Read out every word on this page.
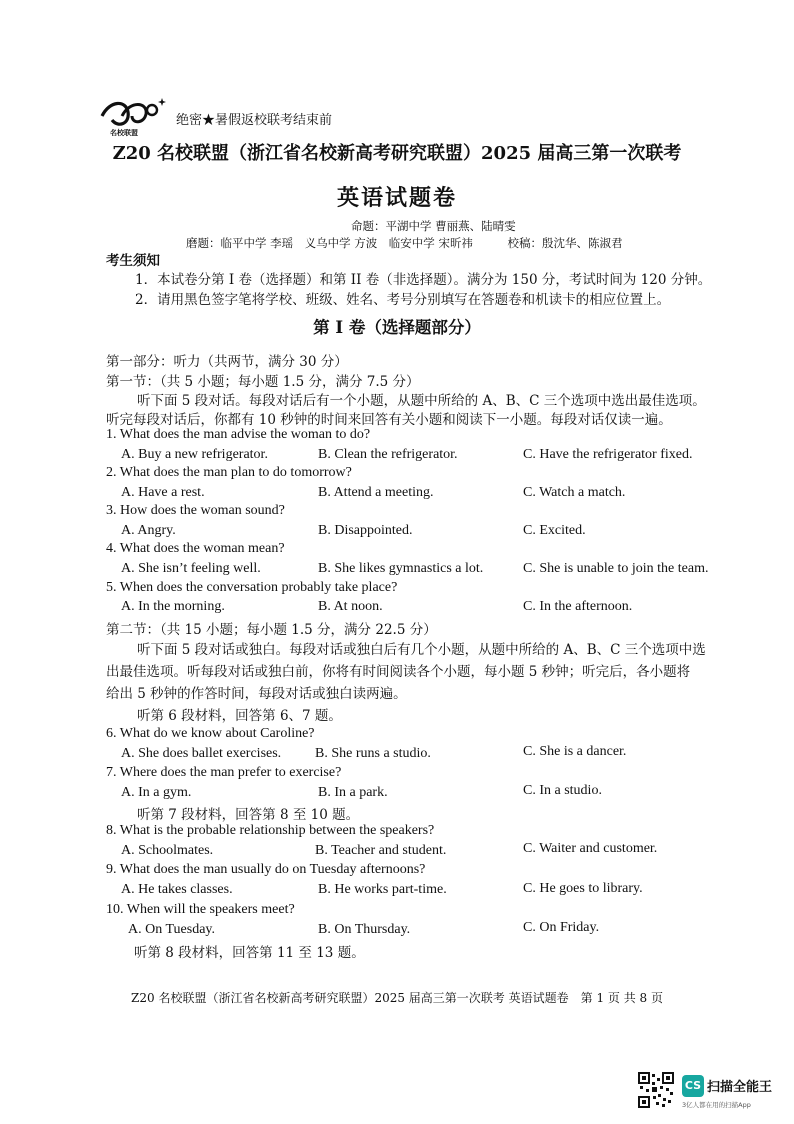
名校联盟
绝密★暑假返校联考结束前
Z20 名校联盟（浙江省名校新高考研究联盟）2025 届高三第一次联考
英语试题卷
命题：平湖中学 曹丽燕、陆晴雯
磨题：临平中学 李瑶　义乌中学 方波　临安中学 宋昕祎　　　校稿：殷沈华、陈淑君
考生须知
1．本试卷分第 I 卷（选择题）和第 II 卷（非选择题）。满分为 150 分，考试时间为 120 分钟。
2．请用黑色签字笔将学校、班级、姓名、考号分别填写在答题卷和机读卡的相应位置上。
第 I 卷（选择题部分）
第一部分：听力（共两节，满分 30 分）
第一节：（共 5 小题；每小题 1.5 分，满分 7.5 分）
听下面 5 段对话。每段对话后有一个小题，从题中所给的 A、B、C 三个选项中选出最佳选项。
听完每段对话后，你都有 10 秒钟的时间来回答有关小题和阅读下一小题。每段对话仅读一遍。
1. What does the man advise the woman to do?
A. Buy a new refrigerator.	B. Clean the refrigerator.	C. Have the refrigerator fixed.
2. What does the man plan to do tomorrow?
A. Have a rest.	B. Attend a meeting.	C. Watch a match.
3. How does the woman sound?
A. Angry.	B. Disappointed.	C. Excited.
4. What does the woman mean?
A. She isn’t feeling well.	B. She likes gymnastics a lot.	C. She is unable to join the team.
5. When does the conversation probably take place?
A. In the morning.	B. At noon.	C. In the afternoon.
第二节：（共 15 小题；每小题 1.5 分，满分 22.5 分）
听下面 5 段对话或独白。每段对话或独白后有几个小题，从题中所给的 A、B、C 三个选项中选
出最佳选项。听每段对话或独白前，你将有时间阅读各个小题，每小题 5 秒钟；听完后，各小题将
给出 5 秒钟的作答时间，每段对话或独白读两遍。
听第 6 段材料，回答第 6、7 题。
6. What do we know about Caroline?
A. She does ballet exercises. B. She runs a studio.	C. She is a dancer.
7. Where does the man prefer to exercise?
A. In a gym.	B. In a park.	C. In a studio.
听第 7 段材料，回答第 8 至 10 题。
8. What is the probable relationship between the speakers?
A. Schoolmates.	B. Teacher and student.	C. Waiter and customer.
9. What does the man usually do on Tuesday afternoons?
A. He takes classes.	B. He works part-time.	C. He goes to library.
10. When will the speakers meet?
A. On Tuesday.	B. On Thursday.	C. On Friday.
听第 8 段材料，回答第 11 至 13 题。
Z20 名校联盟（浙江省名校新高考研究联盟）2025 届高三第一次联考 英语试题卷　第 1 页 共 8 页
CS 扫描全能王
3亿人都在用的扫描App
